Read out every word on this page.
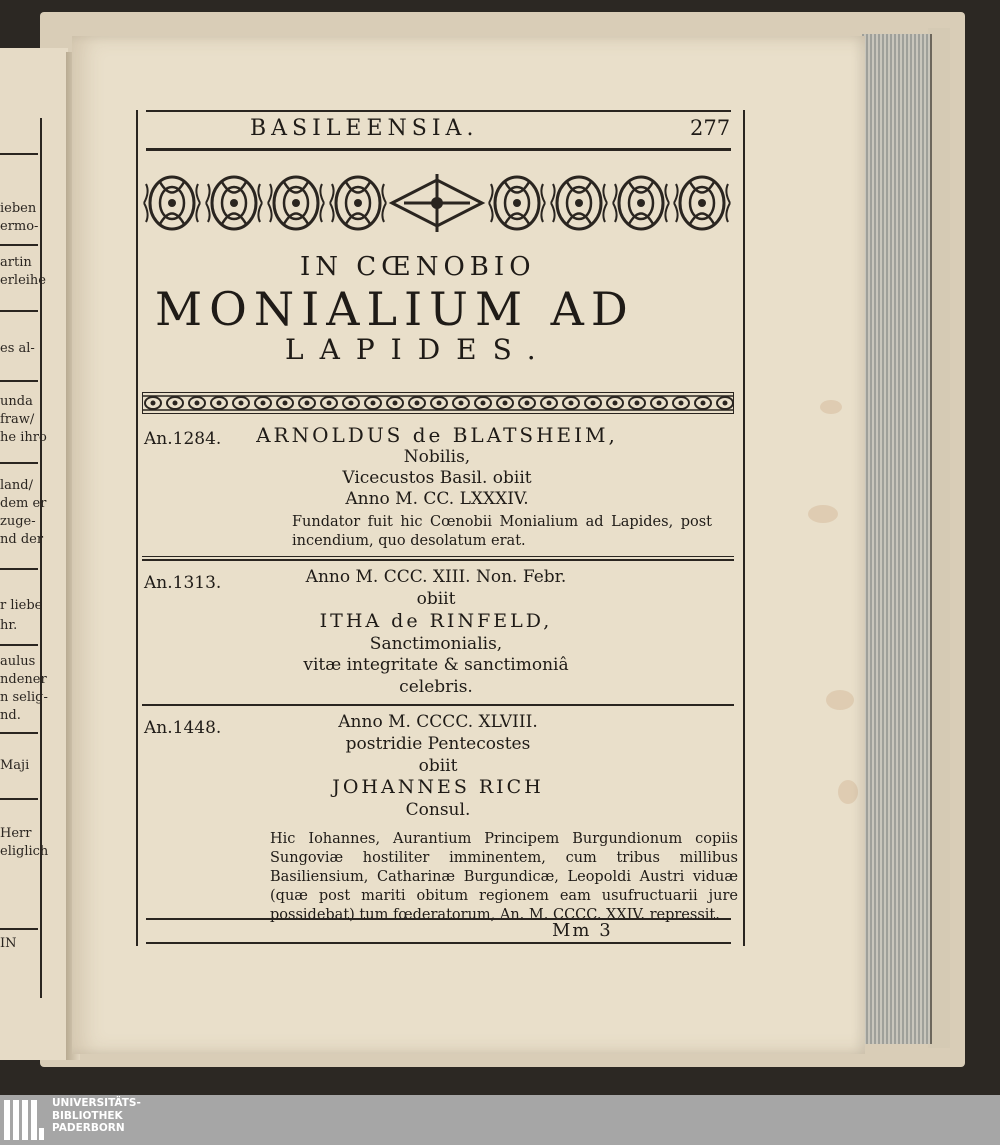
ieben
ermo-
artin
erleihe
es al-
unda
fraw/
he ihro
land/
dem er
zuge-
nd der
r liebe
hr.
aulus
ndener
n selig-
nd.
Maji
Herr
eliglich
IN
BASILEENSIA.	277
IN CŒNOBIO
MONIALIUM AD
LAPIDES.
An.1284. ARNOLDUS de BLATSHEIM,
Nobilis,
Vicecustos Basil. obiit
Anno M. CC. LXXXIV.
Fundator fuit hic Cœnobii Monialium ad Lapides, post incendium, quo desolatum erat.
An.1313.	Anno M. CCC. XIII. Non. Febr.
obiit
ITHA de RINFELD,
Sanctimonialis,
vitæ integritate & sanctimoniâ
celebris.
An.1448.	Anno M. CCCC. XLVIII.
postridie Pentecostes
obiit
JOHANNES RICH
Consul.
Hic Iohannes, Aurantium Principem Burgundionum copiis Sungoviæ hostiliter imminentem, cum tribus millibus Basiliensium, Catharinæ Burgundicæ, Leopoldi Austri viduæ (quæ post mariti obitum regionem eam usufructuarii jure possidebat) tum fœderatorum, An. M. CCCC. XXIV. repressit.
Mm 3
UNIVERSITÄTS-
BIBLIOTHEK
PADERBORN
